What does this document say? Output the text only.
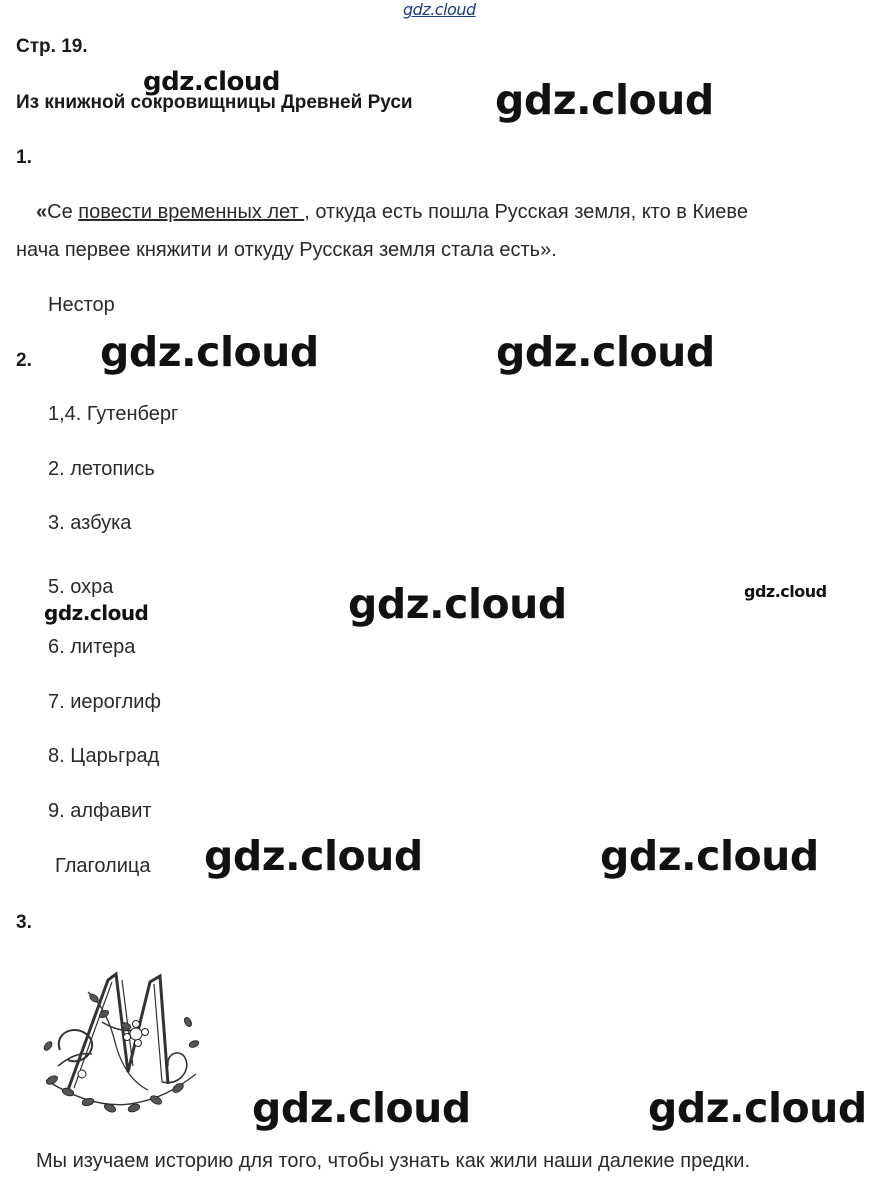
gdz.cloud
Стр. 19.
gdz.cloud
Из книжной сокровищницы Древней Руси gdz.cloud
1.
«Се повести временных лет , откуда есть пошла Русская земля, кто в Киеве
нача первее княжити и откуду Русская земля стала есть».
Нестор
2. gdz.cloud	gdz.cloud
1,4. Гутенберг
2. летопись
3. азбука
5. охра
gdz.cloud	gdz.cloud	gdz.cloud
6. литера
7. иероглиф
8. Царьград
9. алфавит
Глаголица gdz.cloud	gdz.cloud
3.
gdz.cloud	gdz.cloud
Мы изучаем историю для того, чтобы узнать как жили наши далекие предки.
